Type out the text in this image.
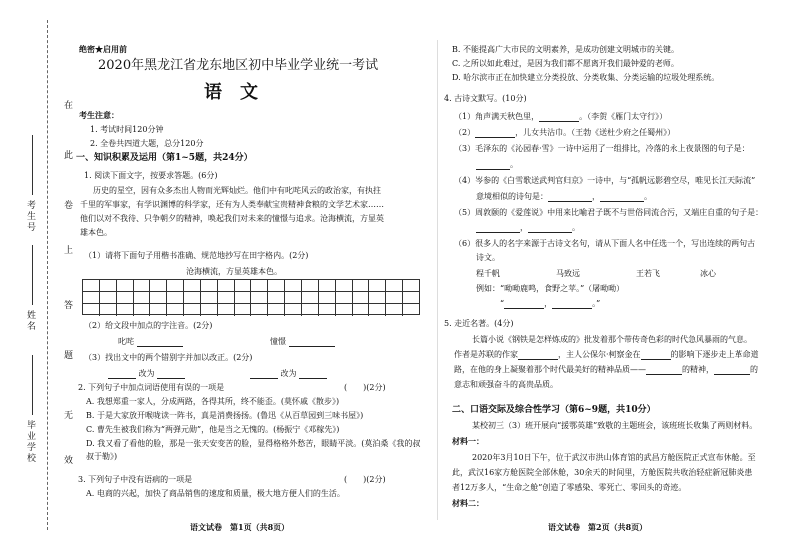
在
此
卷
上
答
题
无
效
考生号
姓名
毕业学校
绝密★启用前
2020年黑龙江省龙东地区初中毕业学业统一考试
语文
考生注意：
1. 考试时间120分钟
2. 全卷共四道大题，总分120分
一、知识积累及运用（第1~5题，共24分）
1. 阅读下面文字，按要求答题。(6分)
历史的星空，因有众多杰出人物而光辉灿烂。他们中有叱咤风云的政治家，有执拄
千里的军事家，有学识渊博的科学家，还有为人类奉献宝贵精神食粮的文学艺术家……
他们以对不我待、只争朝夕的精神，唤起我们对未来的憧憬与追求。沧海横流，方显英
雄本色。
（1）请将下面句子用楷书准确、规范地抄写在田字格内。(2分)
沧海横流，方显英雄本色。
（2）给文段中加点的字注音。(2分)
叱咤	憧憬
（3）找出文中的两个错别字并加以改正。(2分)
改为	改为
2. 下列句子中加点词语使用有误的一项是	(　　)(2分)
A. 我想郑重一家人，分成两路，各得其所，终不能歪。(莫怀戚《散步》)
B. 于是大家放开喉咙读一阵书，真是消费扬扬。(鲁迅《从百草园到三味书屋》)
C. 曹先生被我们称为“两弹元勋”，他是当之无愧的。(杨振宁《邓稼先》)
D. 我又看了看他的脸，那是一张天安变苦的脸，显得格格外愁苦，眼睛平淡。(莫泊桑《我的叔叔于勒》)
3. 下列句子中没有语病的一项是	(　　)(2分)
A. 电商的兴起，加快了商品销售的速度和质量，极大地方便人们的生活。
语文试卷　第1页（共8页）
B. 不能提高广大市民的文明素养，是成功创建文明城市的关键。
C. 之所以如此难过，是因为我们都不愿离开我们最钟爱的老师。
D. 哈尔滨市正在加快建立分类投放、分类收集、分类运输的垃圾处理系统。
4. 古诗文默写。(10分)
（1）角声满天秋色里，	。（李贺《雁门太守行》）
（2）	，儿女共沾巾。（王勃《送杜少府之任蜀州》）
（3）毛泽东的《沁园春·雪》一诗中运用了一组排比，冷落的永上夜景图的句子是：
。
（4）岑参的《白雪歌送武判官归京》一诗中，与“孤帆远影碧空尽，唯见长江天际流”
意境相似的诗句是：	，	。
（5）周敦颐的《爱莲说》中用来比喻君子既不与世俗同流合污，又端庄自重的句子是：
，	。
（6）很多人的名字来源于古诗文名句，请从下面人名中任选一个，写出连续的两句古
诗文。
程千帆	马致远	王若飞	冰心
例如：“呦呦鹿鸣，食野之苹。”（屠呦呦）
“	，	。”
5. 走近名著。(4分)
长篇小说《钢铁是怎样炼成的》批发着那个带传奇色彩的时代急风暴雨的气息。
作者是苏联的作家	，主人公保尔·柯察金在	的影响下逐步走上革命道
路，在他的身上凝聚着那个时代最美好的精神品质——	的精神，	的
意志和顽强奋斗的高贵品质。
二、口语交际及综合性学习（第6~9题，共10分）
某校初三（3）班开展向“援鄂英雄”致敬的主题班会，该班班长收集了两则材料。
材料一：
2020年3月10日下午，位于武汉市洪山体育馆的武昌方舱医院正式宣布休舱。至
此，武汉16家方舱医院全部休舱，30余天的时间里，方舱医院共收治轻症新冠肺炎患
者12万多人，“生命之舱”创造了零感染、零死亡、零回头的奇迹。
材料二：
语文试卷　第2页（共8页）
